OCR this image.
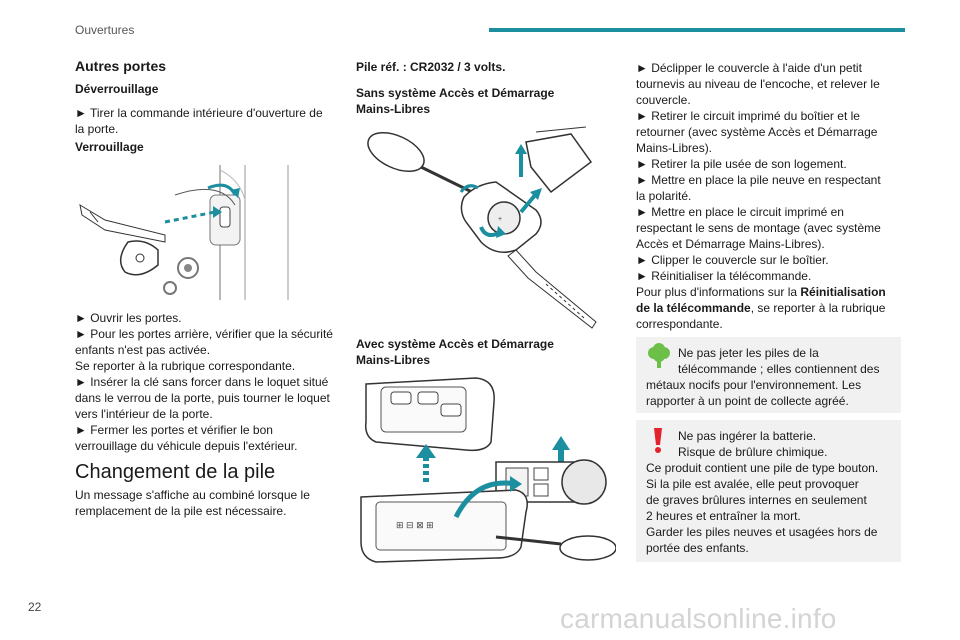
Ouvertures
Autres portes
Déverrouillage
► Tirer la commande intérieure d'ouverture de
la porte.
Verrouillage
► Ouvrir les portes.
► Pour les portes arrière, vérifier que la sécurité
enfants n'est pas activée.
Se reporter à la rubrique correspondante.
► Insérer la clé sans forcer dans le loquet situé
dans le verrou de la porte, puis tourner le loquet
vers l'intérieur de la porte.
► Fermer les portes et vérifier le bon
verrouillage du véhicule depuis l'extérieur.
Changement de la pile
Un message s'affiche au combiné lorsque le
remplacement de la pile est nécessaire.
Pile réf. : CR2032 / 3 volts.
Sans système Accès et Démarrage
Mains-Libres
+
Avec système Accès et Démarrage
Mains-Libres
⊞ ⊟ ⊠ ⊞
► Déclipper le couvercle à l'aide d'un petit
tournevis au niveau de l'encoche, et relever le
couvercle.
► Retirer le circuit imprimé du boîtier et le
retourner (avec système Accès et Démarrage
Mains-Libres).
► Retirer la pile usée de son logement.
► Mettre en place la pile neuve en respectant
la polarité.
► Mettre en place le circuit imprimé en
respectant le sens de montage (avec système
Accès et Démarrage Mains-Libres).
► Clipper le couvercle sur le boîtier.
► Réinitialiser la télécommande.
Pour plus d'informations sur la Réinitialisation
de la télécommande, se reporter à la rubrique
correspondante.
Ne pas jeter les piles de la
télécommande ; elles contiennent des
métaux nocifs pour l'environnement. Les
rapporter à un point de collecte agréé.
Ne pas ingérer la batterie.
Risque de brûlure chimique.
Ce produit contient une pile de type bouton.
Si la pile est avalée, elle peut provoquer
de graves brûlures internes en seulement
2 heures et entraîner la mort.
Garder les piles neuves et usagées hors de
portée des enfants.
22	carmanualsonline.info
